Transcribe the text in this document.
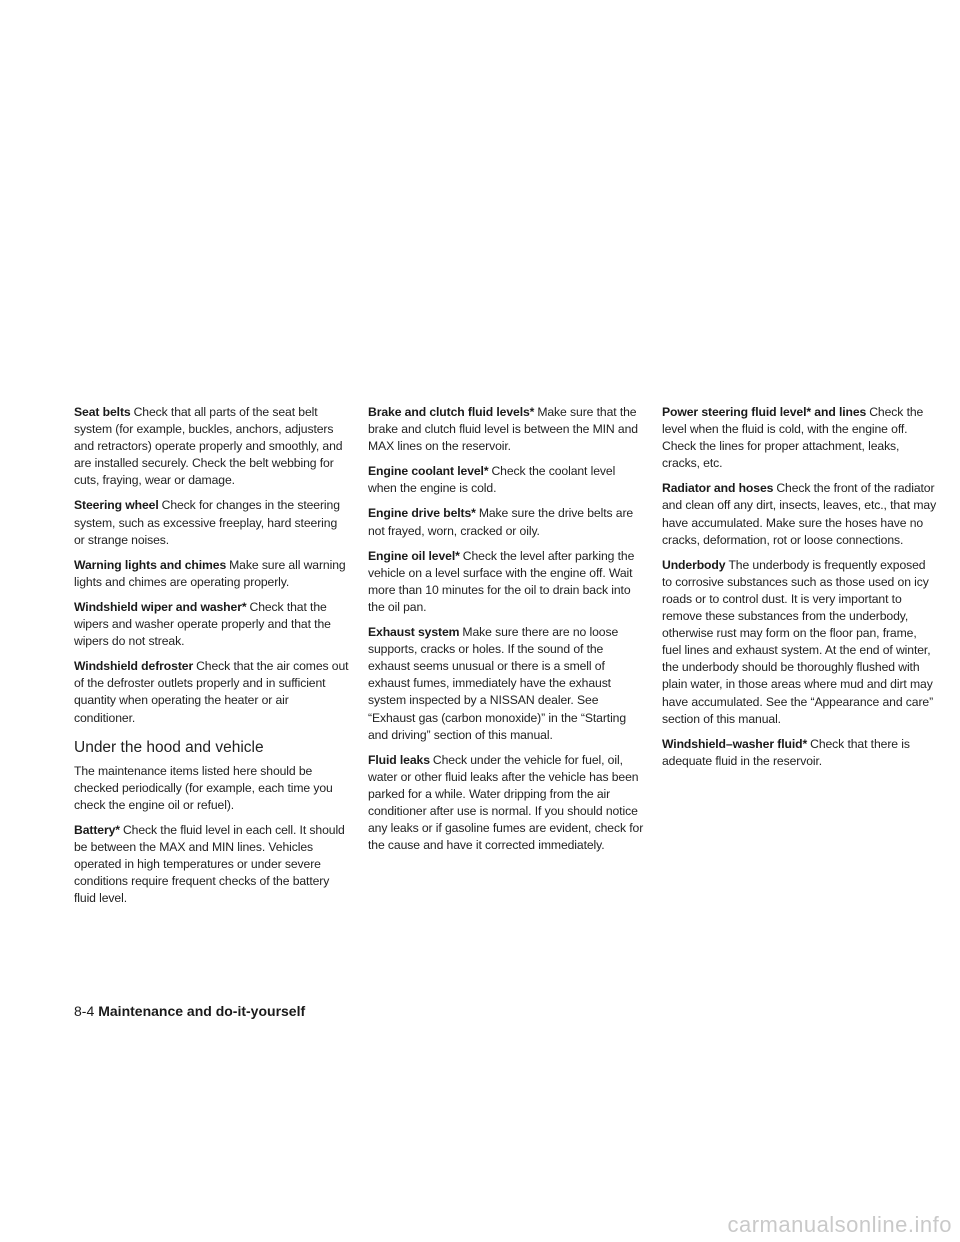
Seat belts Check that all parts of the seat belt system (for example, buckles, anchors, adjusters and retractors) operate properly and smoothly, and are installed securely. Check the belt webbing for cuts, fraying, wear or damage.

Steering wheel Check for changes in the steering system, such as excessive freeplay, hard steering or strange noises.

Warning lights and chimes Make sure all warning lights and chimes are operating properly.

Windshield wiper and washer* Check that the wipers and washer operate properly and that the wipers do not streak.

Windshield defroster Check that the air comes out of the defroster outlets properly and in sufficient quantity when operating the heater or air conditioner.

Under the hood and vehicle

The maintenance items listed here should be checked periodically (for example, each time you check the engine oil or refuel).

Battery* Check the fluid level in each cell. It should be between the MAX and MIN lines. Vehicles operated in high temperatures or under severe conditions require frequent checks of the battery fluid level.

Brake and clutch fluid levels* Make sure that the brake and clutch fluid level is between the MIN and MAX lines on the reservoir.

Engine coolant level* Check the coolant level when the engine is cold.

Engine drive belts* Make sure the drive belts are not frayed, worn, cracked or oily.

Engine oil level* Check the level after parking the vehicle on a level surface with the engine off. Wait more than 10 minutes for the oil to drain back into the oil pan.

Exhaust system Make sure there are no loose supports, cracks or holes. If the sound of the exhaust seems unusual or there is a smell of exhaust fumes, immediately have the exhaust system inspected by a NISSAN dealer. See “Exhaust gas (carbon monoxide)” in the “Starting and driving” section of this manual.

Fluid leaks Check under the vehicle for fuel, oil, water or other fluid leaks after the vehicle has been parked for a while. Water dripping from the air conditioner after use is normal. If you should notice any leaks or if gasoline fumes are evident, check for the cause and have it corrected immediately.

Power steering fluid level* and lines Check the level when the fluid is cold, with the engine off. Check the lines for proper attachment, leaks, cracks, etc.

Radiator and hoses Check the front of the radiator and clean off any dirt, insects, leaves, etc., that may have accumulated. Make sure the hoses have no cracks, deformation, rot or loose connections.

Underbody The underbody is frequently exposed to corrosive substances such as those used on icy roads or to control dust. It is very important to remove these substances from the underbody, otherwise rust may form on the floor pan, frame, fuel lines and exhaust system. At the end of winter, the underbody should be thoroughly flushed with plain water, in those areas where mud and dirt may have accumulated. See the “Appearance and care” section of this manual.

Windshield–washer fluid* Check that there is adequate fluid in the reservoir.

8-4 Maintenance and do-it-yourself
carmanualsonline.info
